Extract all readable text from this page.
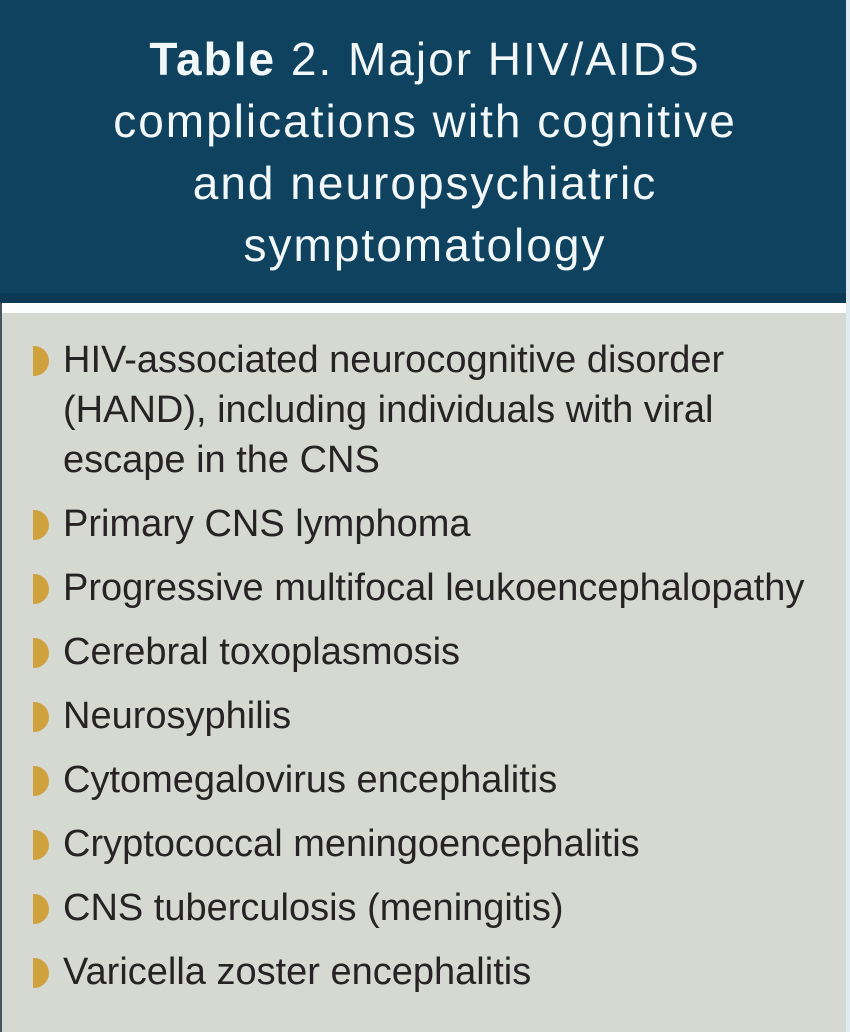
Table 2. Major HIV/AIDS
complications with cognitive
and neuropsychiatric
symptomatology
HIV-associated neurocognitive disorder (HAND), including individuals with viral escape in the CNS
Primary CNS lymphoma
Progressive multifocal leukoencephalopathy
Cerebral toxoplasmosis
Neurosyphilis
Cytomegalovirus encephalitis
Cryptococcal meningoencephalitis
CNS tuberculosis (meningitis)
Varicella zoster encephalitis
